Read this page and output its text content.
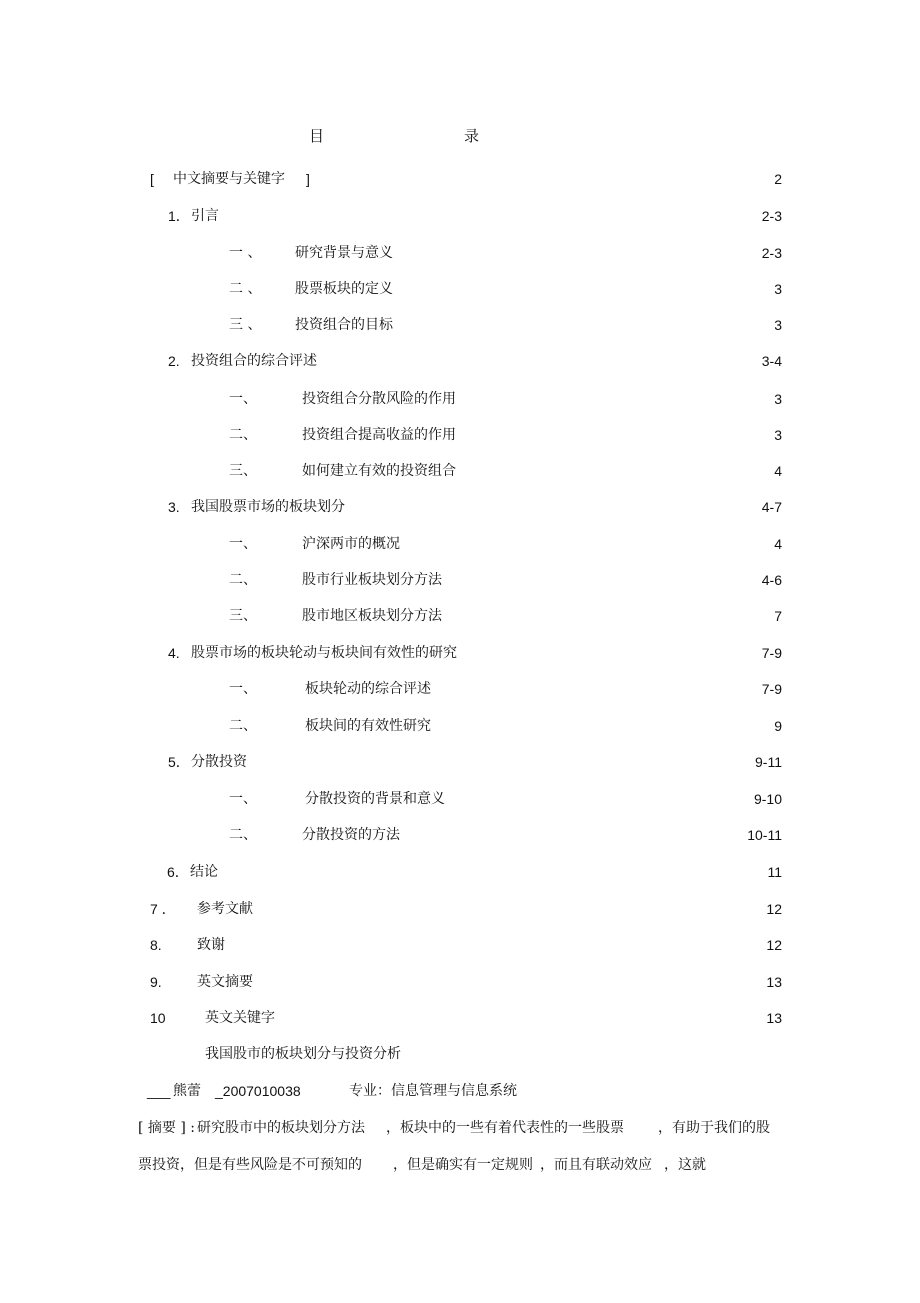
目	录
[ 中文摘要与关键字 ]	2
1． 引言	2-3
一 、 研究背景与意义	2-3
二 、 股票板块的定义	3
三 、 投资组合的目标	3
2. 投资组合的综合评述	3-4
一、	投资组合分散风险的作用	3
二、	投资组合提高收益的作用	3
三、	如何建立有效的投资组合	4
3. 我国股票市场的板块划分	4-7
一、	沪深两市的概况	4
二、	股市行业板块划分方法	4-6
三、	股市地区板块划分方法	7
4. 股票市场的板块轮动与板块间有效性的研究	7-9
一、	板块轮动的综合评述	7-9
二、	板块间的有效性研究	9
5． 分散投资	9-11
一、	分散投资的背景和意义	9-10
二、	分散投资的方法	10-11
6． 结论	11
7 ． 参考文献	12
8.	致谢	12
9.	英文摘要	13
10	英文关键字	13
我国股市的板块划分与投资分析
___ 熊蕾 _2007010038	专业：信息管理与信息系统
[ 摘要 ] : 研究股市中的板块划分方法 ，板块中的一些有着代表性的一些股票 ，有助于我们的股
票投资，但是有些风险是不可预知的 ，但是确实有一定规则 ，而且有联动效应 ，这就
